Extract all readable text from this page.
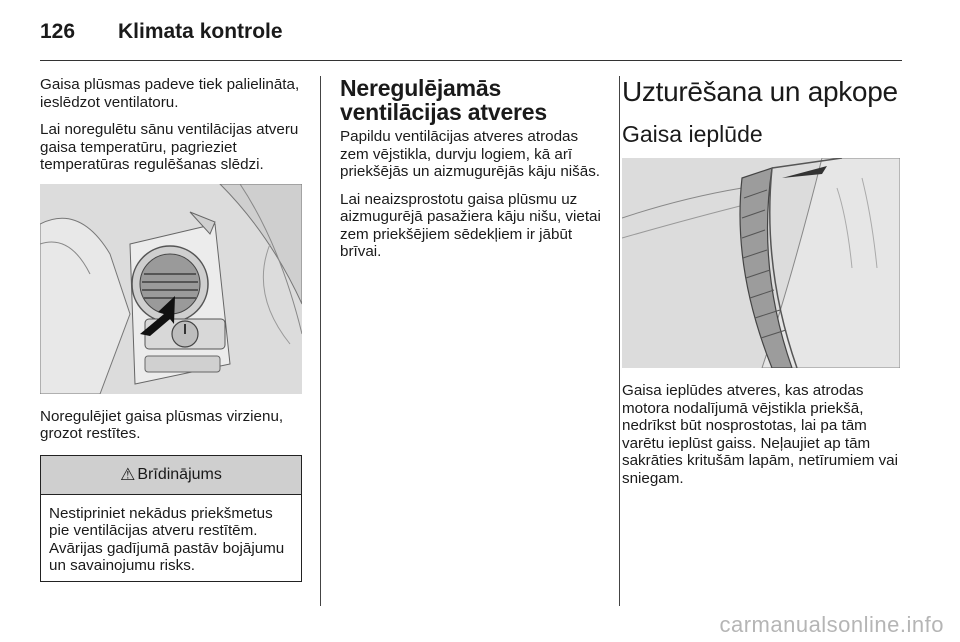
126 Klimata kontrole

Gaisa plūsmas padeve tiek palielināta, ieslēdzot ventilatoru.

Lai noregulētu sānu ventilācijas atveru gaisa temperatūru, pagrieziet temperatūras regulēšanas slēdzi.

Noregulējiet gaisa plūsmas virzienu, grozot restītes.

⚠ Brīdinājums

Nestipriniet nekādus priekšmetus pie ventilācijas atveru restītēm. Avārijas gadījumā pastāv bojājumu un savainojumu risks.

Neregulējamās ventilācijas atveres

Papildu ventilācijas atveres atrodas zem vējstikla, durvju logiem, kā arī priekšējās un aizmugurējās kāju nišās.

Lai neaizsprostotu gaisa plūsmu uz aizmugurējā pasažiera kāju nišu, vietai zem priekšējiem sēdekļiem ir jābūt brīvai.

Uzturēšana un apkope
Gaisa ieplūde

Gaisa ieplūdes atveres, kas atrodas motora nodalījumā vējstikla priekšā, nedrīkst būt nosprostotas, lai pa tām varētu ieplūst gaiss. Neļaujiet ap tām sakrāties kritušām lapām, netīrumiem vai sniegam.

carmanualsonline.info
